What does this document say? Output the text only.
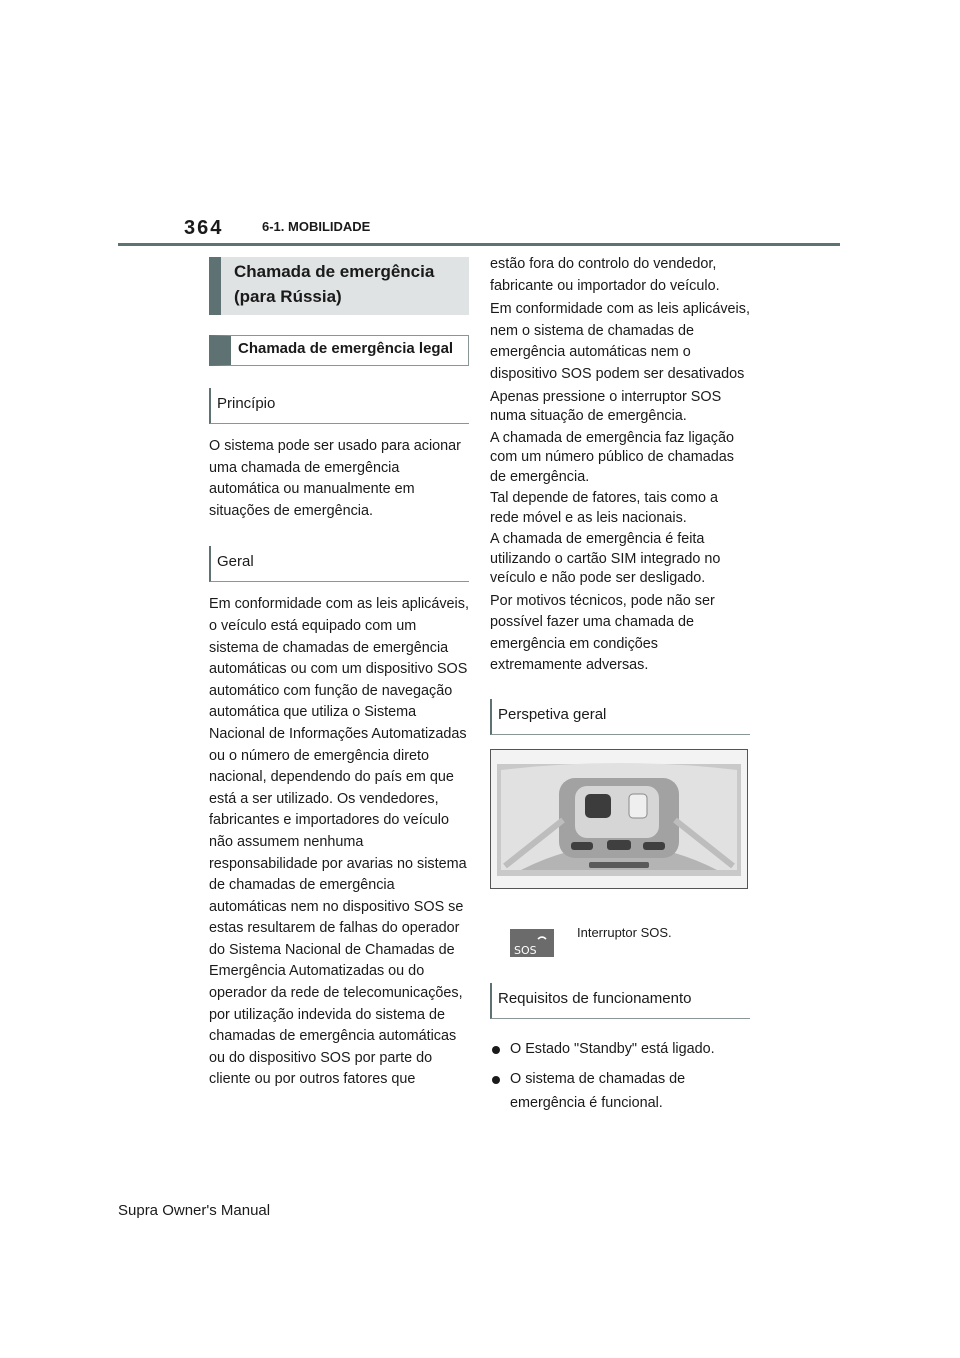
364	6-1. MOBILIDADE
Chamada de emergência (para Rússia)
Chamada de emergência legal
Princípio

O sistema pode ser usado para acionar uma chamada de emergência automática ou manualmente em situações de emergência.

Geral

Em conformidade com as leis aplicáveis, o veículo está equipado com um sistema de chamadas de emergência automáticas ou com um dispositivo SOS automático com função de navegação automática que utiliza o Sistema Nacional de Informações Automatizadas ou o número de emergência direto nacional, dependendo do país em que está a ser utilizado. Os vendedores, fabricantes e importadores do veículo não assumem nenhuma responsabilidade por avarias no sistema de chamadas de emergência automáticas nem no dispositivo SOS se estas resultarem de falhas do operador do Sistema Nacional de Chamadas de Emergência Automatizadas ou do operador da rede de telecomunicações, por utilização indevida do sistema de chamadas de emergência automáticas ou do dispositivo SOS por parte do cliente ou por outros fatores que

estão fora do controlo do vendedor, fabricante ou importador do veículo.

Em conformidade com as leis aplicáveis, nem o sistema de chamadas de emergência automáticas nem o dispositivo SOS podem ser desativados

Apenas pressione o interruptor SOS numa situação de emergência.

A chamada de emergência faz ligação com um número público de chamadas de emergência.

Tal depende de fatores, tais como a rede móvel e as leis nacionais.

A chamada de emergência é feita utilizando o cartão SIM integrado no veículo e não pode ser desligado.

Por motivos técnicos, pode não ser possível fazer uma chamada de emergência em condições extremamente adversas.

Perspetiva geral
SOS
Interruptor SOS.
Requisitos de funcionamento
O Estado "Standby" está ligado.
O sistema de chamadas de emergência é funcional.
Supra Owner's Manual
